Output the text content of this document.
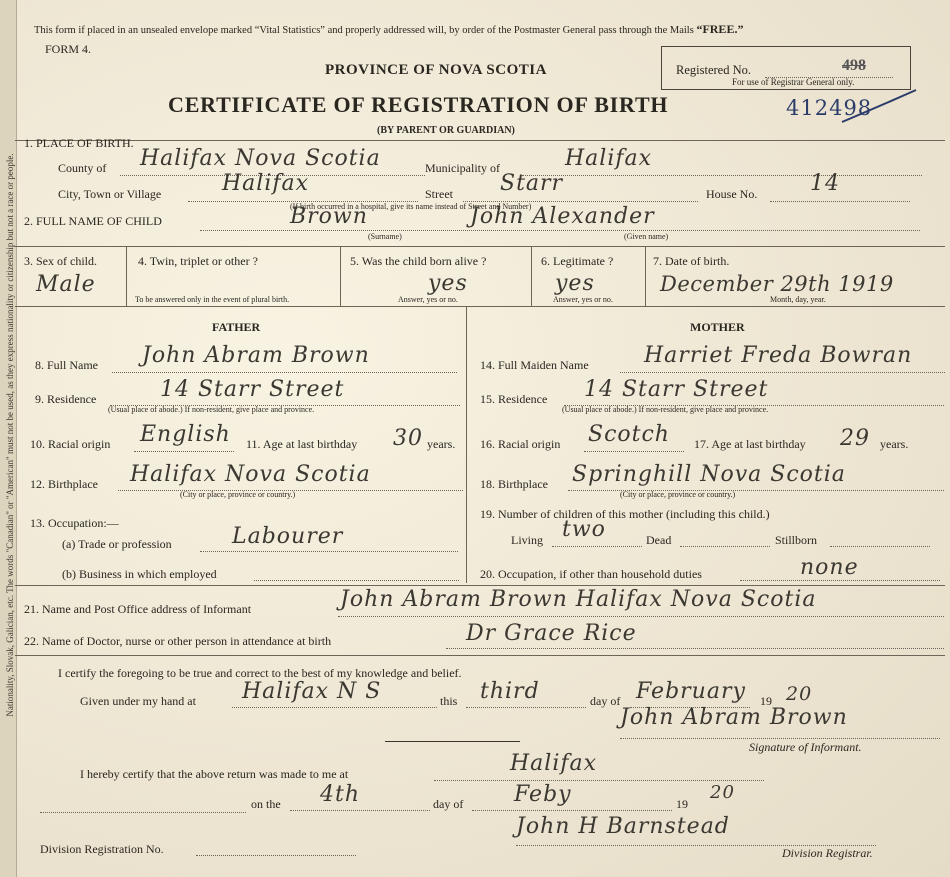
Nationality, Slovak, Galician, etc. The words "Canadian" or "American" must not be used, as they express nationality or citizenship but not a race or people.
This form if placed in an unsealed envelope marked “Vital Statistics” and properly addressed will, by order of the Postmaster General pass through the Mails “FREE.”
FORM 4.
PROVINCE OF NOVA SCOTIA
CERTIFICATE OF REGISTRATION OF BIRTH
(BY PARENT OR GUARDIAN)
Registered No.	498
For use of Registrar General only.
412498
1. PLACE OF BIRTH.
County of Halifax Nova Scotia	Municipality of	Halifax
City, Town or Village	Halifax	Street Starr
(If birth occurred in a hospital, give its name instead of Street and Number)
House No. 14
2. FULL NAME OF CHILD	Brown	John Alexander
(Surname)	(Given name)
3. Sex of child.
Male
4. Twin, triplet or other ?
To be answered only in the event of plural birth.
5. Was the child born alive ?
yes
Answer, yes or no.
6. Legitimate ?
yes
Answer, yes or no.
7. Date of birth.
December 29th 1919
Month, day, year.
FATHER	MOTHER
8. Full Name John Abram Brown
9. Residence	14 Starr Street
(Usual place of abode.) If non-resident, give place and province.
10. Racial origin English 11. Age at last birthday 30 years.
12. Birthplace Halifax Nova Scotia
(City or place, province or country.)
13. Occupation:—
(a) Trade or profession	Labourer
(b) Business in which employed
14. Full Maiden Name	Harriet Freda Bowran
15. Residence 14 Starr Street
(Usual place of abode.) If non-resident, give place and province.
16. Racial origin Scotch 17. Age at last birthday 29 years.
18. Birthplace Springhill Nova Scotia
(City or place, province or country.)
19. Number of children of this mother (including this child.)
Living two	Dead	Stillborn
20. Occupation, if other than household duties	none
21. Name and Post Office address of Informant	John Abram Brown Halifax Nova Scotia
22. Name of Doctor, nurse or other person in attendance at birth	Dr Grace Rice
I certify the foregoing to be true and correct to the best of my knowledge and belief.
Given under my hand at Halifax N S	this third	day of February 19 20
John Abram Brown
Signature of Informant.
I hereby certify that the above return was made to me at	Halifax
on the 4th	day of Feby	19
20
Division Registration No.
John H Barnstead
Division Registrar.
